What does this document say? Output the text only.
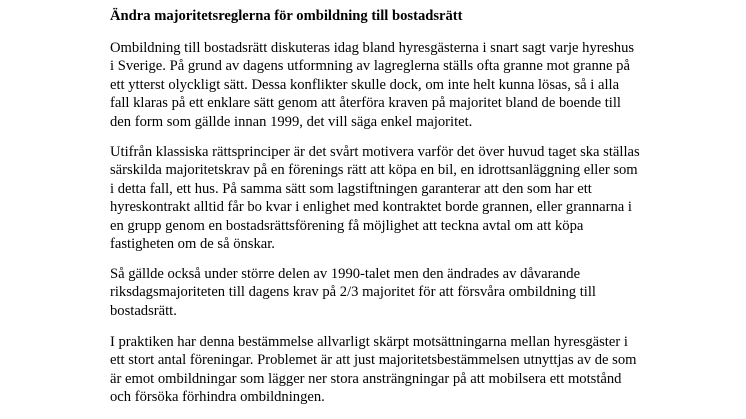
Ändra majoritetsreglerna för ombildning till bostadsrätt

Ombildning till bostadsrätt diskuteras idag bland hyresgästerna i snart sagt varje hyreshus
i Sverige. På grund av dagens utformning av lagreglerna ställs ofta granne mot granne på
ett ytterst olyckligt sätt. Dessa konflikter skulle dock, om inte helt kunna lösas, så i alla
fall klaras på ett enklare sätt genom att återföra kraven på majoritet bland de boende till
den form som gällde innan 1999, det vill säga enkel majoritet.

Utifrån klassiska rättsprinciper är det svårt motivera varför det över huvud taget ska ställas
särskilda majoritetskrav på en förenings rätt att köpa en bil, en idrottsanläggning eller som
i detta fall, ett hus. På samma sätt som lagstiftningen garanterar att den som har ett
hyreskontrakt alltid får bo kvar i enlighet med kontraktet borde grannen, eller grannarna i
en grupp genom en bostadsrättsförening få möjlighet att teckna avtal om att köpa
fastigheten om de så önskar.

Så gällde också under större delen av 1990-talet men den ändrades av dåvarande
riksdagsmajoriteten till dagens krav på 2/3 majoritet för att försvåra ombildning till
bostadsrätt.

I praktiken har denna bestämmelse allvarligt skärpt motsättningarna mellan hyresgäster i
ett stort antal föreningar. Problemet är att just majoritetsbestämmelsen utnyttjas av de som
är emot ombildningar som lägger ner stora ansträngningar på att mobilsera ett motstånd
och försöka förhindra ombildningen.
